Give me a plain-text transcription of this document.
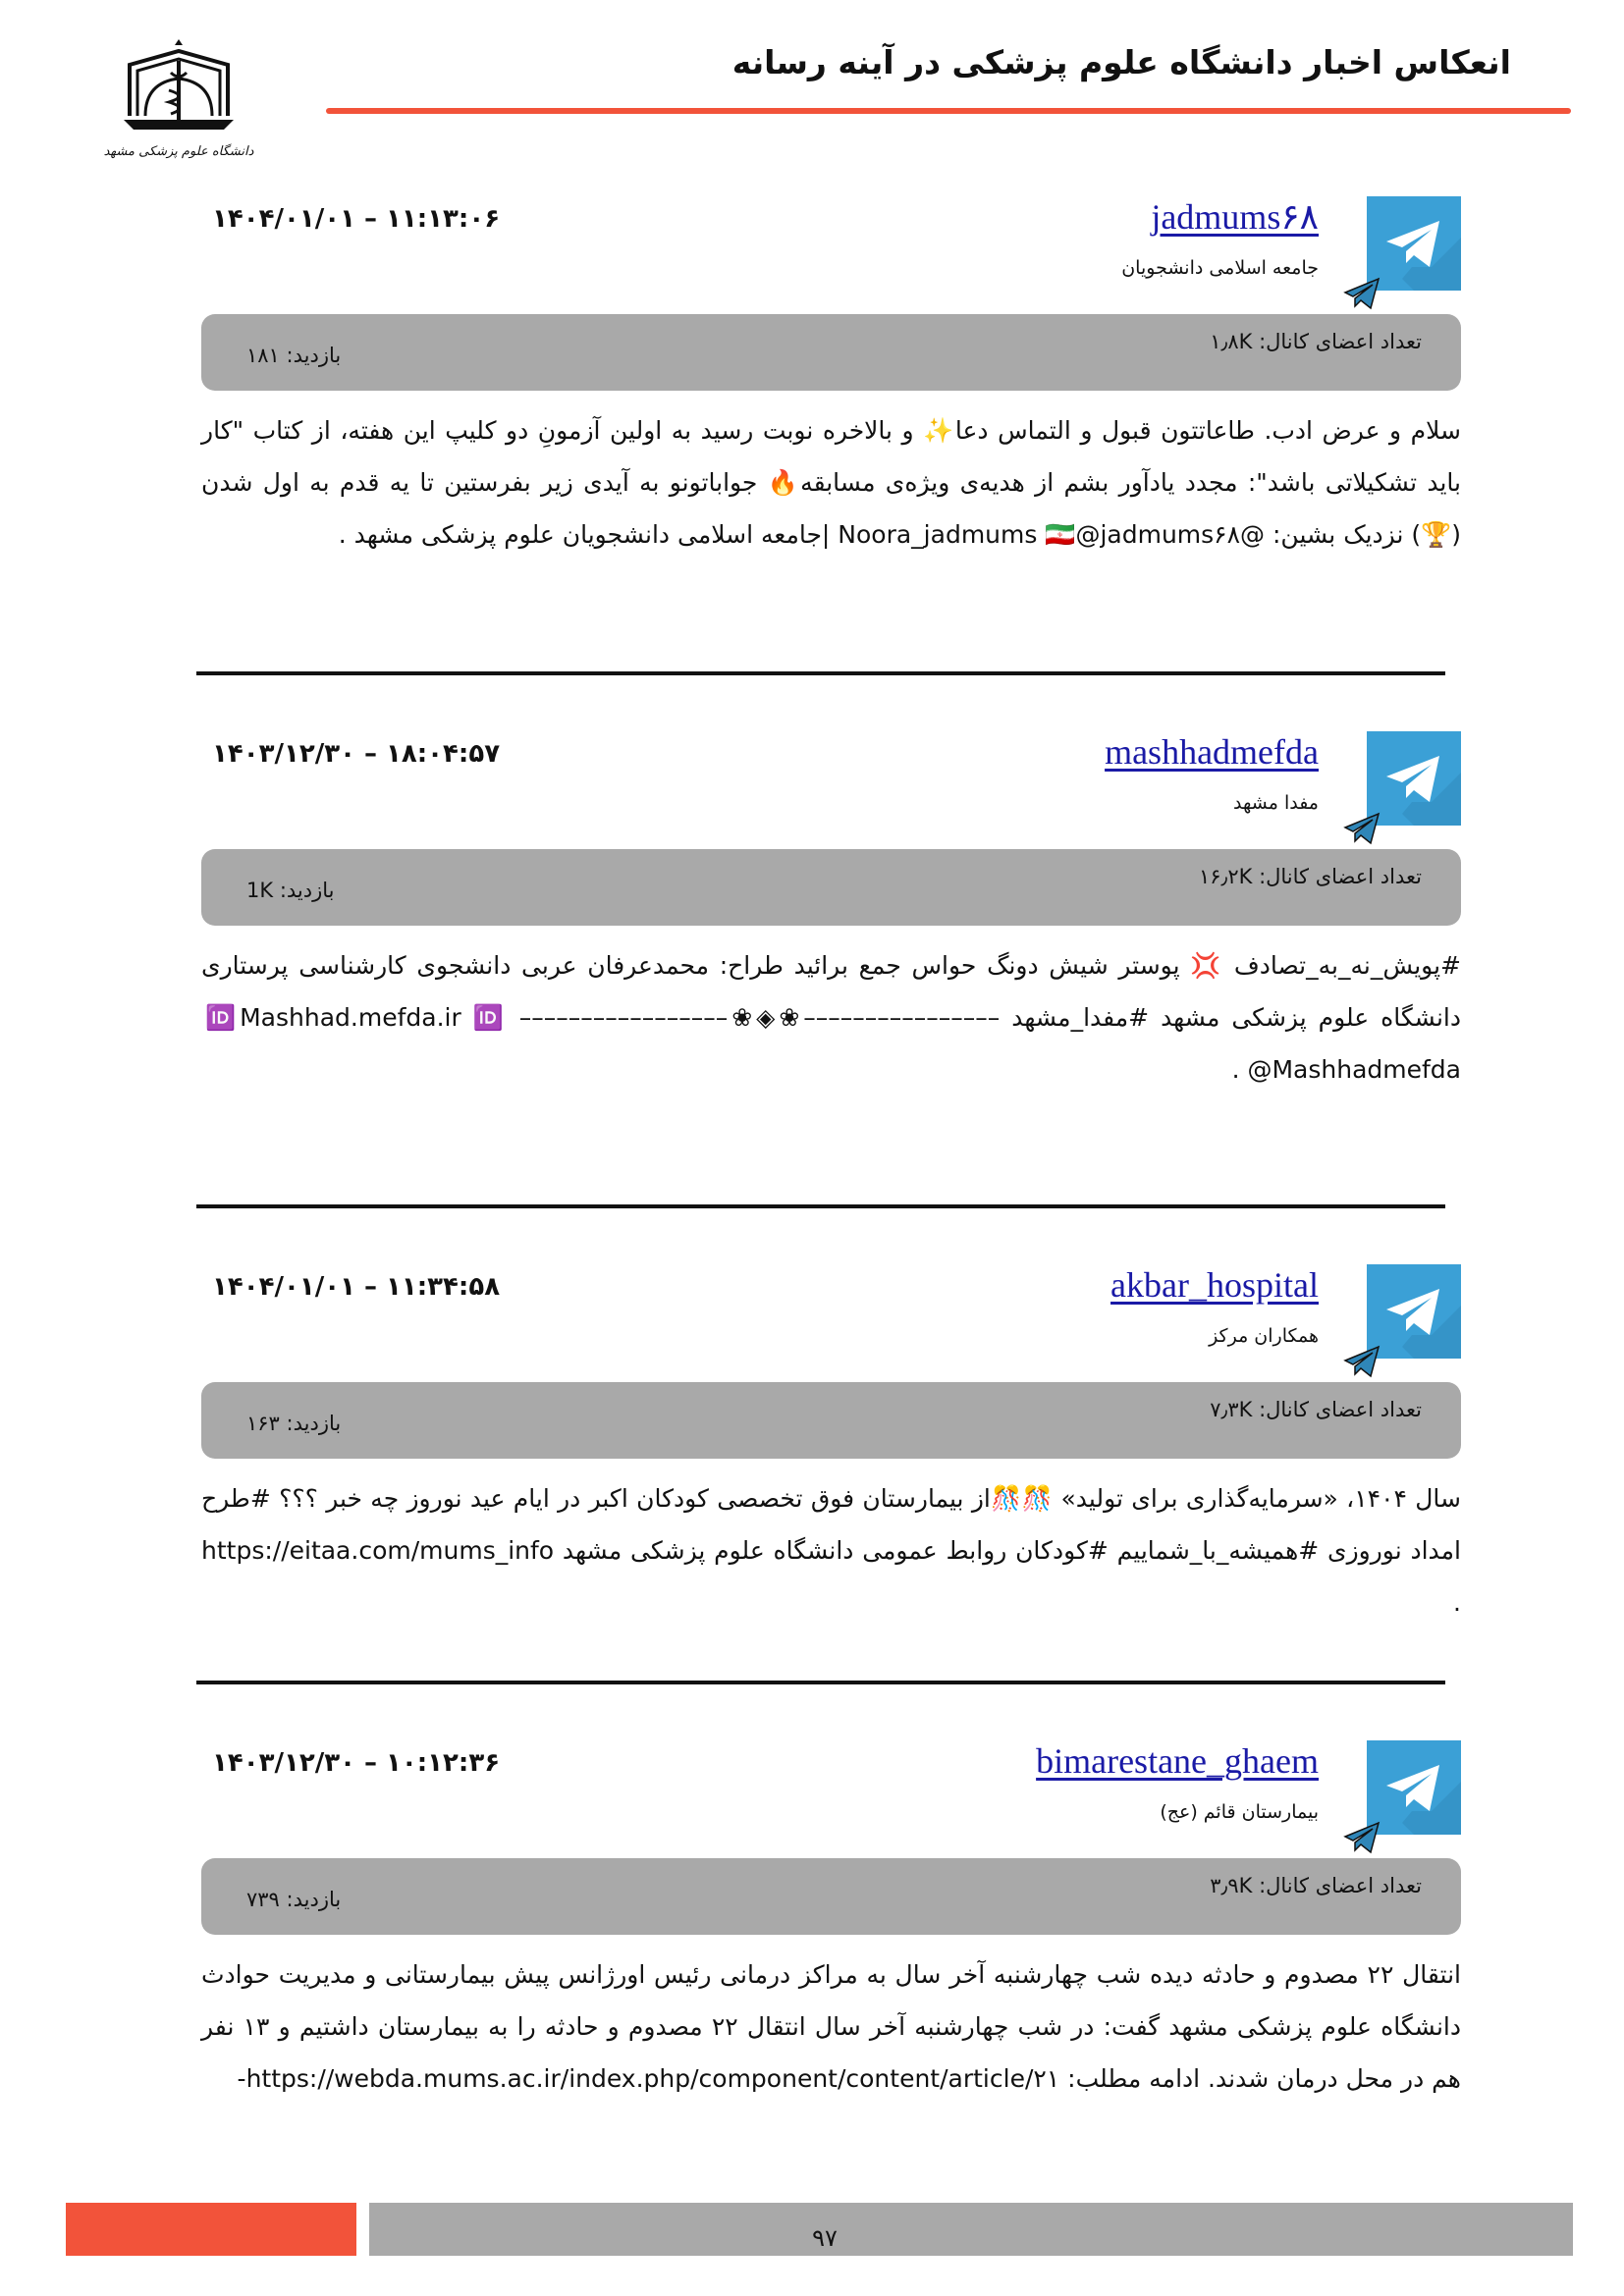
انعکاس اخبار دانشگاه علوم پزشکی در آینه رسانه
دانشگاه علوم پزشکی مشهد
jadmums۶۸
جامعه اسلامی دانشجویان
۱۴۰۴/۰۱/۰۱ – ۱۱:۱۳:۰۶
تعداد اعضای کانال: ۱٫۸K
بازدید: ۱۸۱
سلام و عرض ادب. طاعاتتون قبول و التماس دعا✨ و بالاخره نوبت رسید به اولین آزمونِ دو کلیپ این هفته، از کتاب "کار باید تشکیلاتی باشد": مجدد یادآور بشم از هدیه‌ی ویژه‌ی مسابقه🔥 جواباتونو به آیدی زیر بفرستین تا یه قدم به اول شدن (🏆) نزدیک بشین: @Noora_jadmums 🇮🇷@jadmums۶۸ |جامعه اسلامی دانشجویان علوم پزشکی مشهد .
mashhadmefda
مفدا مشهد
۱۴۰۳/۱۲/۳۰ – ۱۸:۰۴:۵۷
تعداد اعضای کانال: ۱۶٫۲K
بازدید: 1K
#پویش_نه_به_تصادف 💢 پوستر شیش دونگ حواس جمع برائید طراح: محمدعرفان عربی دانشجوی کارشناسی پرستاری دانشگاه علوم پزشکی مشهد #مفدا_مشهد ––––––––––––––––❀◈❀––––––––––––––––– 🆔Mashhad.mefda.ir 🆔 @Mashhadmefda .
akbar_hospital
همکاران مرکز
۱۴۰۴/۰۱/۰۱ – ۱۱:۳۴:۵۸
تعداد اعضای کانال: ۷٫۳K
بازدید: ۱۶۳
سال ۱۴۰۴، «سرمایه‌گذاری برای تولید» 🎊🎊از بیمارستان فوق تخصصی کودکان اکبر در ایام عید نوروز چه خبر ؟؟؟ #طرح امداد نوروزی #همیشه_با_شماییم #کودکان روابط عمومی دانشگاه علوم پزشکی مشهد https://eitaa.com/mums_info .
bimarestane_ghaem
بیمارستان قائم (عج)
۱۴۰۳/۱۲/۳۰ – ۱۰:۱۲:۳۶
تعداد اعضای کانال: ۳٫۹K
بازدید: ۷۳۹
انتقال ۲۲ مصدوم و حادثه دیده شب چهارشنبه آخر سال به مراکز درمانی رئیس اورژانس پیش بیمارستانی و مدیریت حوادث دانشگاه علوم پزشکی مشهد گفت: در شب چهارشنبه آخر سال انتقال ۲۲ مصدوم و حادثه را به بیمارستان داشتیم و ۱۳ نفر هم در محل درمان شدند. ادامه مطلب: https://webda.mums.ac.ir/index.php/component/content/article/۲۱-
۹۷
